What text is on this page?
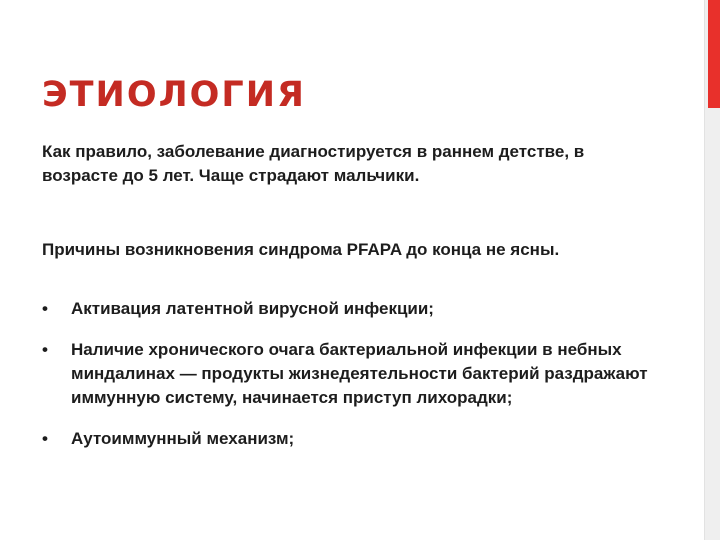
ЭТИОЛОГИЯ

Как правило, заболевание диагностируется в раннем детстве, в возрасте до 5 лет. Чаще страдают мальчики.

Причины возникновения синдрома PFAPA до конца не ясны.

•	Активация латентной вирусной инфекции;
•	Наличие хронического очага бактериальной инфекции в небных миндалинах — продукты жизнедеятельности бактерий раздражают иммунную систему, начинается приступ лихорадки;
•	Аутоиммунный механизм;
